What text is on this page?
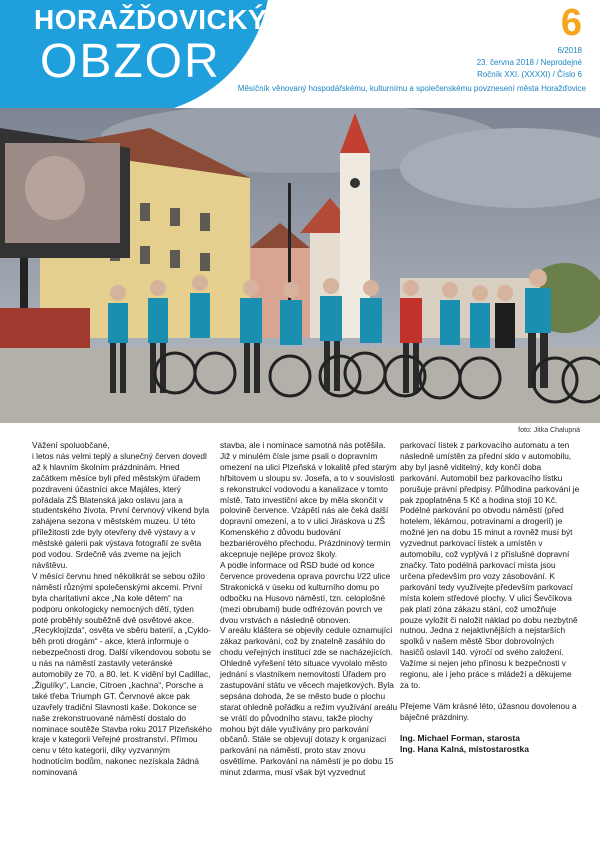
HORAŽĎOVICKÝ
OBZOR
6
6/2018
23. června 2018 / Neprodejné
Ročník XXI. (XXXXI) / Číslo 6
Měsíčník věnovaný hospodářskému, kulturnímu a společenskému povznesení města Horažďovice
foto: Jitka Chalupná

Vážení spoluobčané,

i letos nás velmi teplý a slunečný červen dovedl až k hlavním školním prázdninám. Hned začátkem měsíce byli před městským úřadem pozdraveni účastníci akce Majáles, který pořádala ZŠ Blatenská jako oslavu jara a studentského života. První červnový víkend byla zahájena sezona v městském muzeu. U této příležitosti zde byly otevřeny dvě výstavy a v městské galerii pak výstava fotografií ze světa pod vodou. Srdečně vás zveme na jejich návštěvu.

V měsíci červnu hned několikrát se sebou ožilo náměstí různými společenskými akcemi. První byla charitativní akce „Na kole dětem“ na podporu onkologicky nemocných dětí, týden poté proběhly souběžně dvě osvětové akce. „Recyklojízda“, osvěta ve sběru baterií, a „Cyklo-běh proti drogám“ - akce, která informuje o nebezpečnosti drog. Další víkendovou sobotu se u nás na náměstí zastavily veteránské automobily ze 70. a 80. let. K vidění byl Cadillac, „Žigulíky“, Lancie, Citroen „kachna“, Porsche a také třeba Triumph GT. Červnové akce pak uzavřely tradiční Slavnosti kaše. Dokonce se naše zrekonstruované náměstí dostalo do nominace soutěže Stavba roku 2017 Plzeňského kraje v kategorii Veřejné prostranství. Přímou cenu v této kategorii, díky vyzvanným hodnotícím bodům, nakonec nezískala žádná nominovaná

stavba, ale i nominace samotná nás potěšila.

Již v minulém čísle jsme psali o dopravním omezení na ulici Plzeňská v lokalitě před starým hřbitovem u sloupu sv. Josefa, a to v souvislosti s rekonstrukcí vodovodu a kanalizace v tomto místě. Tato investiční akce by měla skončit v polovině července. Vzápětí nás ale čeká další dopravní omezení, a to v ulici Jiráskova u ZŠ Komenského z důvodu budování bezbariérového přechodu. Prázdninový termín akcepnuje nejlépe provoz školy.

A podle informace od ŘSD bude od konce července provedena oprava povrchu I/22 ulice Strakonická v úseku od kulturního domu po odbočku na Husovo náměstí, tzn. celoplošné (mezi obrubami) bude odfrézován povrch ve dvou vrstvách a následně obnoven.

V areálu kláštera se objevily cedule oznamující zákaz parkování, což by znatelně zasáhlo do chodu veřejných institucí zde se nacházejících. Ohledně vyřešení této situace vyvolalo město jednání s vlastníkem nemovitosti Úřadem pro zastupování státu ve věcech majetkových. Byla sepsána dohoda, že se město bude o plochu starat ohledně pořádku a režim využívání areálu se vrátí do původního stavu, takže plochy mohou být dále využívány pro parkování občanů. Stále se objevují dotazy k organizaci parkování na náměstí, proto stav znovu osvětlíme. Parkování na náměstí je po dobu 15 minut zdarma, musí však být vyzvednut

parkovací lístek z parkovacího automatu a ten následně umístěn za přední sklo v automobilu, aby byl jasně viditelný, kdy končí doba parkování. Automobil bez parkovacího lístku porušuje právní předpisy. Půlhodina parkování je pak zpoplatněna 5 Kč a hodina stojí 10 Kč. Podélné parkování po obvodu náměstí (před hotelem, lékárnou, potravinami a drogerií) je možné jen na dobu 15 minut a rovněž musí být vyzvednut parkovací lístek a umístěn v automobilu, což vyplývá i z příslušné dopravní značky. Tato podélná parkovací místa jsou určena především pro vozy zásobování. K parkování tedy využívejte především parkovací místa kolem středové plochy. V ulici Ševčíkova pak platí zóna zákazu stání, což umožňuje pouze vyložit či naložit náklad po dobu nezbytně nutnou. Jedna z nejaktivnějších a nejstarších spolků v našem městě Sbor dobrovolných hasičů oslavil 140. výročí od svého založení. Važíme si nejen jeho přínosu k bezpečnosti v regionu, ale i jeho práce s mládeží a děkujeme za to.

Přejeme Vám krásné léto, úžasnou dovolenou a báječné prázdniny.

Ing. Michael Forman, starosta

Ing. Hana Kalná, místostarostka
